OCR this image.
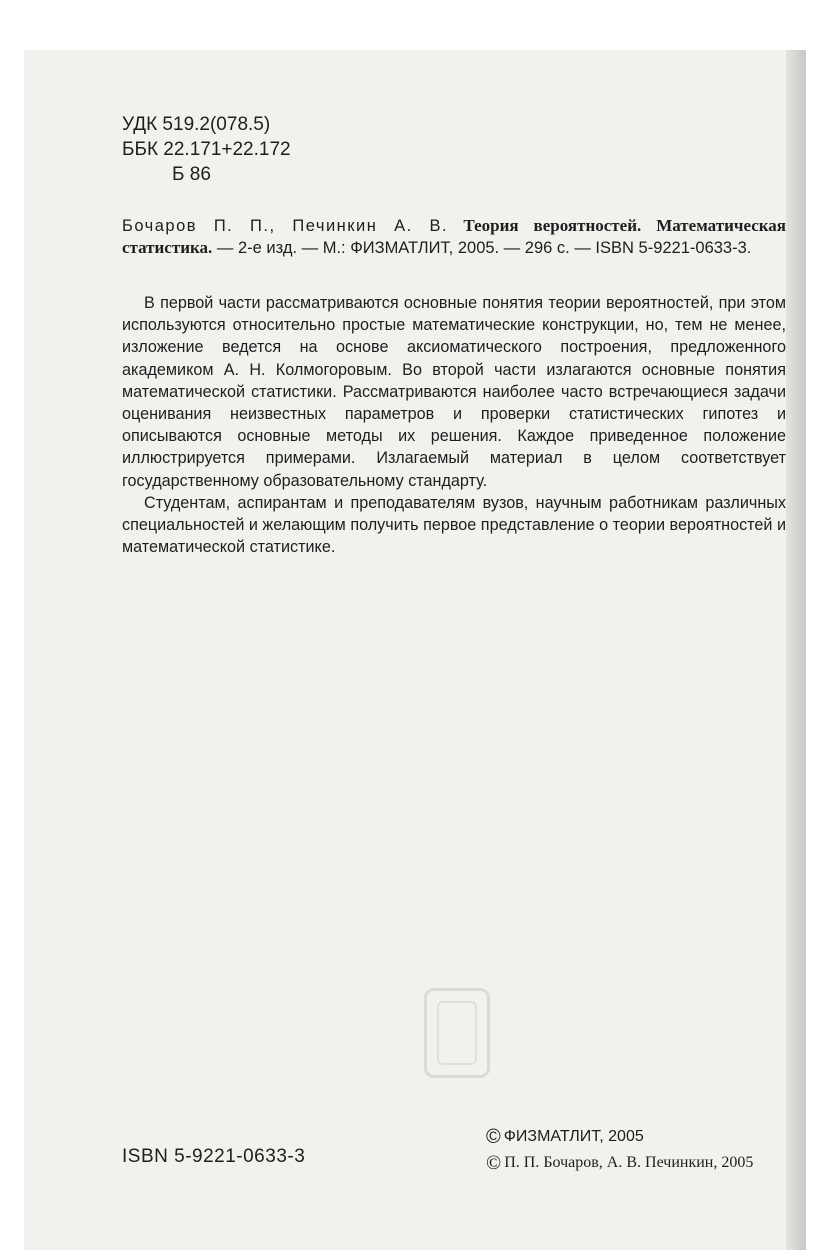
УДК 519.2(078.5)
ББК 22.171+22.172
Б 86
Бочаров П. П., Печинкин А. В. Теория вероятностей. Математическая статистика. — 2-е изд. — М.: ФИЗМАТЛИТ, 2005. — 296 с. — ISBN 5-9221-0633-3.

В первой части рассматриваются основные понятия теории вероятностей, при этом используются относительно простые математические конструкции, но, тем не менее, изложение ведется на основе аксиоматического построения, предложенного академиком А. Н. Колмогоровым. Во второй части излагаются основные понятия математической статистики. Рассматриваются наиболее часто встречающиеся задачи оценивания неизвестных параметров и проверки статистических гипотез и описываются основные методы их решения. Каждое приведенное положение иллюстрируется примерами. Излагаемый материал в целом соответствует государственному образовательному стандарту.

Студентам, аспирантам и преподавателям вузов, научным работникам различных специальностей и желающим получить первое представление о теории вероятностей и математической статистике.

ISBN 5-9221-0633-3
© ФИЗМАТЛИТ, 2005
© П. П. Бочаров, А. В. Печинкин, 2005
